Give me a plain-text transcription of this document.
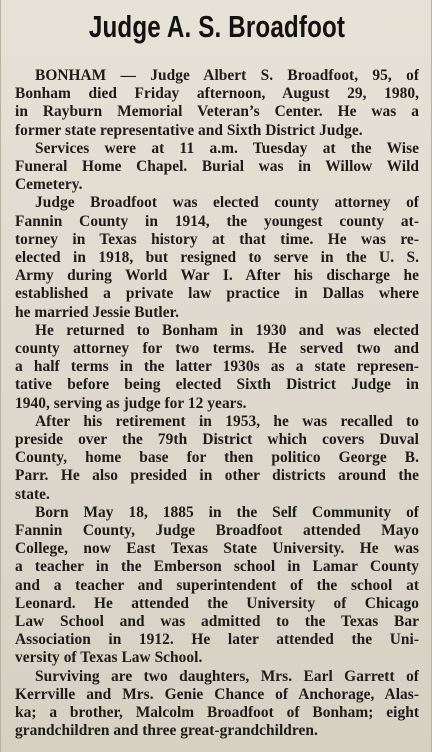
Judge A. S. Broadfoot
BONHAM — Judge Albert S. Broadfoot, 95, of
Bonham died Friday afternoon, August 29, 1980,
in Rayburn Memorial Veteran’s Center. He was a
former state representative and Sixth District Judge.
Services were at 11 a.m. Tuesday at the Wise
Funeral Home Chapel. Burial was in Willow Wild
Cemetery.
Judge Broadfoot was elected county attorney of
Fannin County in 1914, the youngest county at-
torney in Texas history at that time. He was re-
elected in 1918, but resigned to serve in the U. S.
Army during World War I. After his discharge he
established a private law practice in Dallas where
he married Jessie Butler.
He returned to Bonham in 1930 and was elected
county attorney for two terms. He served two and
a half terms in the latter 1930s as a state represen-
tative before being elected Sixth District Judge in
1940, serving as judge for 12 years.
After his retirement in 1953, he was recalled to
preside over the 79th District which covers Duval
County, home base for then politico George B.
Parr. He also presided in other districts around the
state.
Born May 18, 1885 in the Self Community of
Fannin County, Judge Broadfoot attended Mayo
College, now East Texas State University. He was
a teacher in the Emberson school in Lamar County
and a teacher and superintendent of the school at
Leonard. He attended the University of Chicago
Law School and was admitted to the Texas Bar
Association in 1912. He later attended the Uni-
versity of Texas Law School.
Surviving are two daughters, Mrs. Earl Garrett of
Kerrville and Mrs. Genie Chance of Anchorage, Alas-
ka; a brother, Malcolm Broadfoot of Bonham; eight
grandchildren and three great-grandchildren.
